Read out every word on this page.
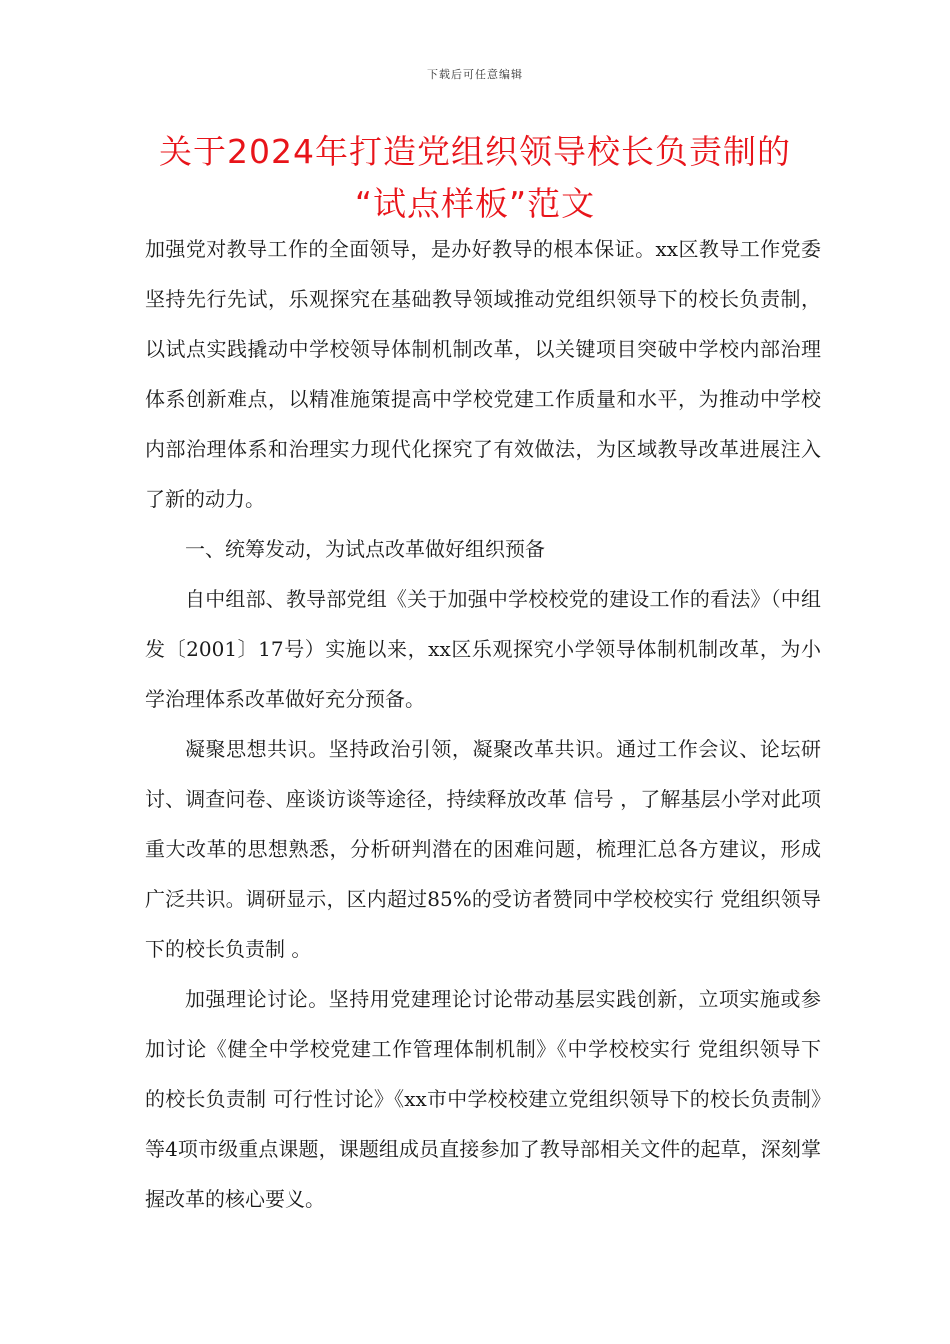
下载后可任意编辑
关于2024年打造党组织领导校长负责制的
“试点样板”范文

加强党对教导工作的全面领导，是办好教导的根本保证。xx区教导工作党委坚持先行先试，乐观探究在基础教导领域推动党组织领导下的校长负责制，以试点实践撬动中学校领导体制机制改革，以关键项目突破中学校内部治理体系创新难点，以精准施策提高中学校党建工作质量和水平，为推动中学校内部治理体系和治理实力现代化探究了有效做法，为区域教导改革进展注入了新的动力。

一、统筹发动，为试点改革做好组织预备

自中组部、教导部党组《关于加强中学校校党的建设工作的看法》（中组发〔2001〕17号）实施以来，xx区乐观探究小学领导体制机制改革，为小学治理体系改革做好充分预备。

凝聚思想共识。坚持政治引领，凝聚改革共识。通过工作会议、论坛研讨、调查问卷、座谈访谈等途径，持续释放改革 信号 ，了解基层小学对此项重大改革的思想熟悉，分析研判潜在的困难问题，梳理汇总各方建议，形成广泛共识。调研显示，区内超过85%的受访者赞同中学校校实行 党组织领导下的校长负责制 。

加强理论讨论。坚持用党建理论讨论带动基层实践创新，立项实施或参加讨论《健全中学校党建工作管理体制机制》《中学校校实行 党组织领导下的校长负责制 可行性讨论》《xx市中学校校建立党组织领导下的校长负责制》等4项市级重点课题，课题组成员直接参加了教导部相关文件的起草，深刻掌握改革的核心要义。
